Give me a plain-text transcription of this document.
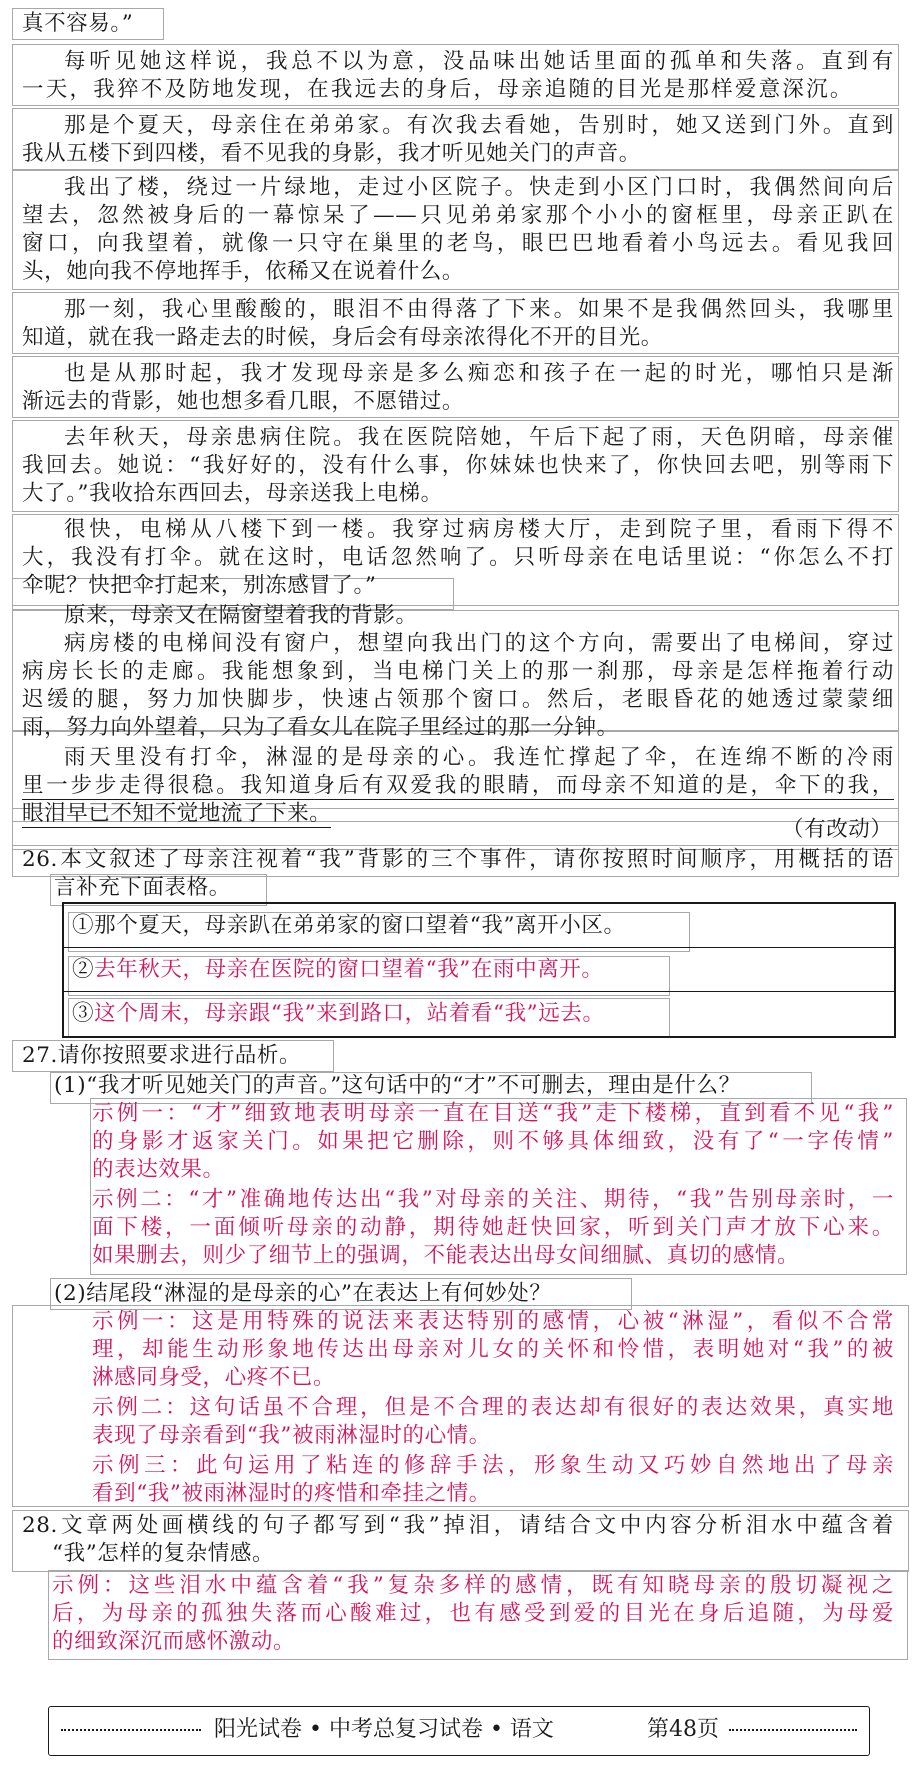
真不容易。”

每听见她这样说，我总不以为意，没品味出她话里面的孤单和失落。直到有

一天，我猝不及防地发现，在我远去的身后，母亲追随的目光是那样爱意深沉。

那是个夏天，母亲住在弟弟家。有次我去看她，告别时，她又送到门外。直到

我从五楼下到四楼，看不见我的身影，我才听见她关门的声音。

我出了楼，绕过一片绿地，走过小区院子。快走到小区门口时，我偶然间向后

望去，忽然被身后的一幕惊呆了——只见弟弟家那个小小的窗框里，母亲正趴在

窗口，向我望着，就像一只守在巢里的老鸟，眼巴巴地看着小鸟远去。看见我回

头，她向我不停地挥手，依稀又在说着什么。

那一刻，我心里酸酸的，眼泪不由得落了下来。如果不是我偶然回头，我哪里

知道，就在我一路走去的时候，身后会有母亲浓得化不开的目光。

也是从那时起，我才发现母亲是多么痴恋和孩子在一起的时光，哪怕只是渐

渐远去的背影，她也想多看几眼，不愿错过。

去年秋天，母亲患病住院。我在医院陪她，午后下起了雨，天色阴暗，母亲催

我回去。她说：“我好好的，没有什么事，你妹妹也快来了，你快回去吧，别等雨下

大了。”我收拾东西回去，母亲送我上电梯。

很快，电梯从八楼下到一楼。我穿过病房楼大厅，走到院子里，看雨下得不

大，我没有打伞。就在这时，电话忽然响了。只听母亲在电话里说：“你怎么不打

伞呢？快把伞打起来，别冻感冒了。”

原来，母亲又在隔窗望着我的背影。

病房楼的电梯间没有窗户，想望向我出门的这个方向，需要出了电梯间，穿过

病房长长的走廊。我能想象到，当电梯门关上的那一刹那，母亲是怎样拖着行动

迟缓的腿，努力加快脚步，快速占领那个窗口。然后，老眼昏花的她透过蒙蒙细

雨，努力向外望着，只为了看女儿在院子里经过的那一分钟。

雨天里没有打伞，淋湿的是母亲的心。我连忙撑起了伞，在连绵不断的冷雨

里一步步走得很稳。我知道身后有双爱我的眼睛，而母亲不知道的是，伞下的我，

眼泪早已不知不觉地流了下来。

（有改动）

26.本文叙述了母亲注视着“我”背影的三个事件，请你按照时间顺序，用概括的语

言补充下面表格。

①那个夏天，母亲趴在弟弟家的窗口望着“我”离开小区。

②去年秋天，母亲在医院的窗口望着“我”在雨中离开。

③这个周末，母亲跟“我”来到路口，站着看“我”远去。

27.请你按照要求进行品析。

(1)“我才听见她关门的声音。”这句话中的“才”不可删去，理由是什么？

示例一：“才”细致地表明母亲一直在目送“我”走下楼梯，直到看不见“我”

的身影才返家关门。如果把它删除，则不够具体细致，没有了“一字传情”

的表达效果。

示例二：“才”准确地传达出“我”对母亲的关注、期待，“我”告别母亲时，一

面下楼，一面倾听母亲的动静，期待她赶快回家，听到关门声才放下心来。

如果删去，则少了细节上的强调，不能表达出母女间细腻、真切的感情。

(2)结尾段“淋湿的是母亲的心”在表达上有何妙处？

示例一：这是用特殊的说法来表达特别的感情，心被“淋湿”，看似不合常

理，却能生动形象地传达出母亲对儿女的关怀和怜惜，表明她对“我”的被

淋感同身受，心疼不已。

示例二：这句话虽不合理，但是不合理的表达却有很好的表达效果，真实地

表现了母亲看到“我”被雨淋湿时的心情。

示例三：此句运用了粘连的修辞手法，形象生动又巧妙自然地出了母亲

看到“我”被雨淋湿时的疼惜和牵挂之情。

28.文章两处画横线的句子都写到“我”掉泪，请结合文中内容分析泪水中蕴含着

“我”怎样的复杂情感。

示例：这些泪水中蕴含着“我”复杂多样的感情，既有知晓母亲的殷切凝视之

后，为母亲的孤独失落而心酸难过，也有感受到爱的目光在身后追随，为母爱

的细致深沉而感怀激动。

阳光试卷 • 中考总复习试卷 • 语文	第48页
